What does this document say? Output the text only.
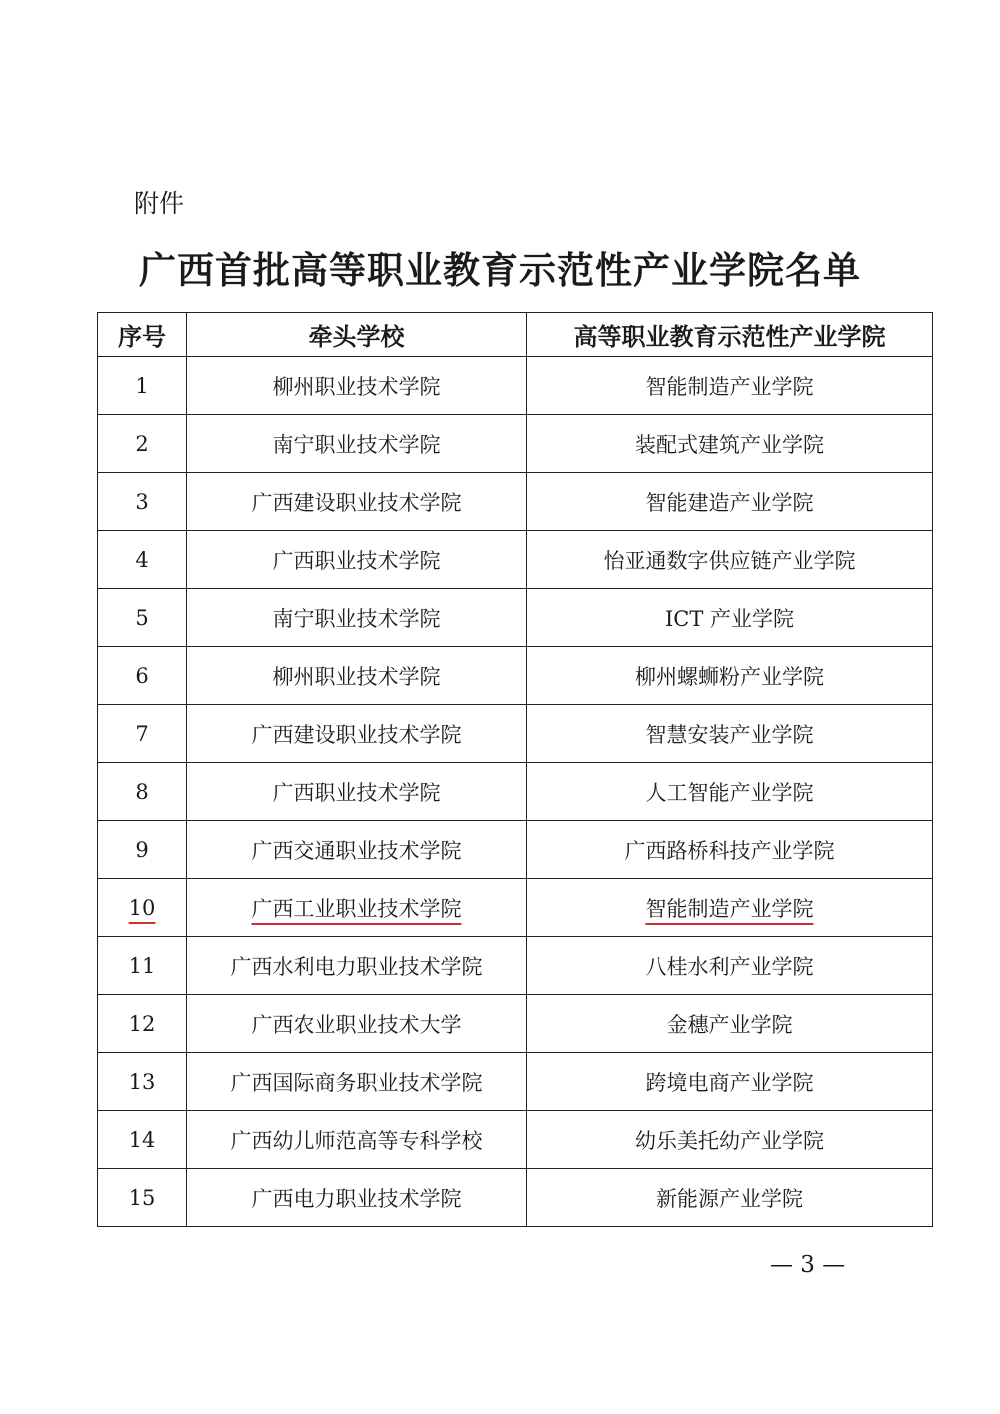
附件
广西首批高等职业教育示范性产业学院名单
序号	牵头学校	高等职业教育示范性产业学院
1	柳州职业技术学院	智能制造产业学院
2	南宁职业技术学院	装配式建筑产业学院
3	广西建设职业技术学院	智能建造产业学院
4	广西职业技术学院	怡亚通数字供应链产业学院
5	南宁职业技术学院	ICT 产业学院
6	柳州职业技术学院	柳州螺蛳粉产业学院
7	广西建设职业技术学院	智慧安装产业学院
8	广西职业技术学院	人工智能产业学院
9	广西交通职业技术学院	广西路桥科技产业学院
10	广西工业职业技术学院	智能制造产业学院
11	广西水利电力职业技术学院	八桂水利产业学院
12	广西农业职业技术大学	金穗产业学院
13	广西国际商务职业技术学院	跨境电商产业学院
14	广西幼儿师范高等专科学校	幼乐美托幼产业学院
15	广西电力职业技术学院	新能源产业学院
— 3 —
